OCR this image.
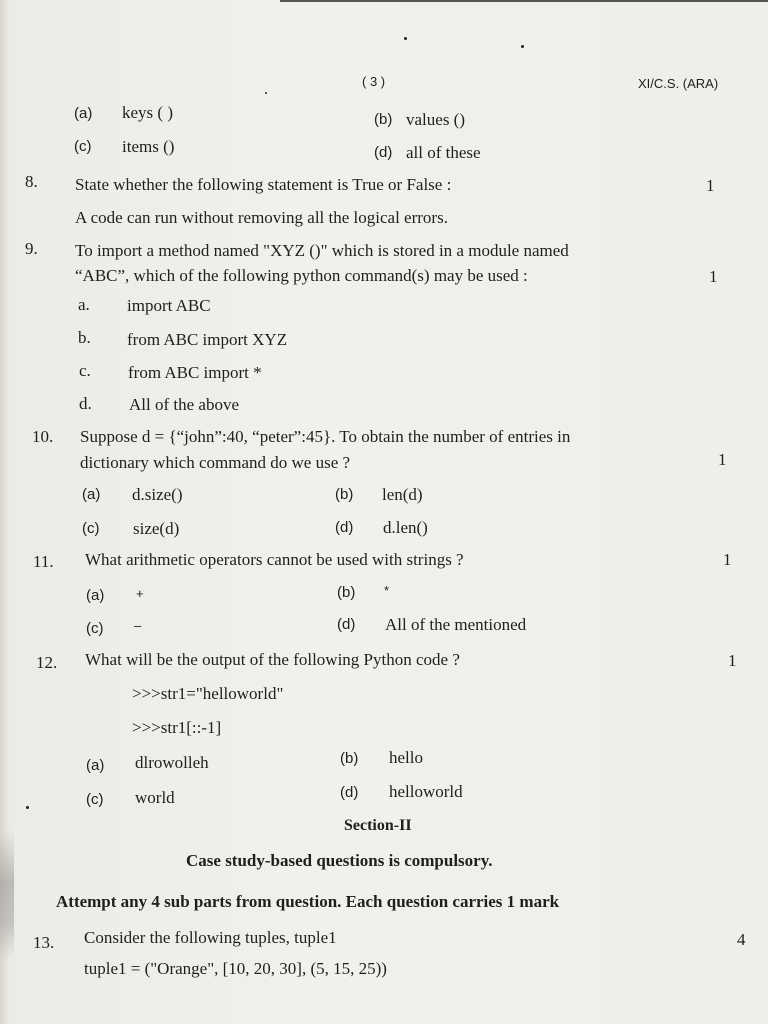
( 3 )	XI/C.S. (ARA)
(a) keys ( )	(b) values ()
(c) items ()	(d) all of these
8. State whether the following statement is True or False :	1
A code can run without removing all the logical errors.
9. To import a method named "XYZ ()" which is stored in a module named
“ABC”, which of the following python command(s) may be used :	1
a. import ABC
b. from ABC import XYZ
c. from ABC import *
d. All of the above
10. Suppose d = {“john”:40, “peter”:45}. To obtain the number of entries in
dictionary which command do we use ?	1
(a) d.size()	(b) len(d)
(c) size(d)	(d) d.len()
11. What arithmetic operators cannot be used with strings ?	1
(a) +	(b) *
(c) –	(d) All of the mentioned
12. What will be the output of the following Python code ?	1
>>>str1="helloworld"
>>>str1[::-1]
(a) dlrowolleh	(b) hello
(c) world	(d) helloworld
Section-II
Case study-based questions is compulsory.
Attempt any 4 sub parts from question. Each question carries 1 mark
13. Consider the following tuples, tuple1	4
tuple1 = ("Orange", [10, 20, 30], (5, 15, 25))
